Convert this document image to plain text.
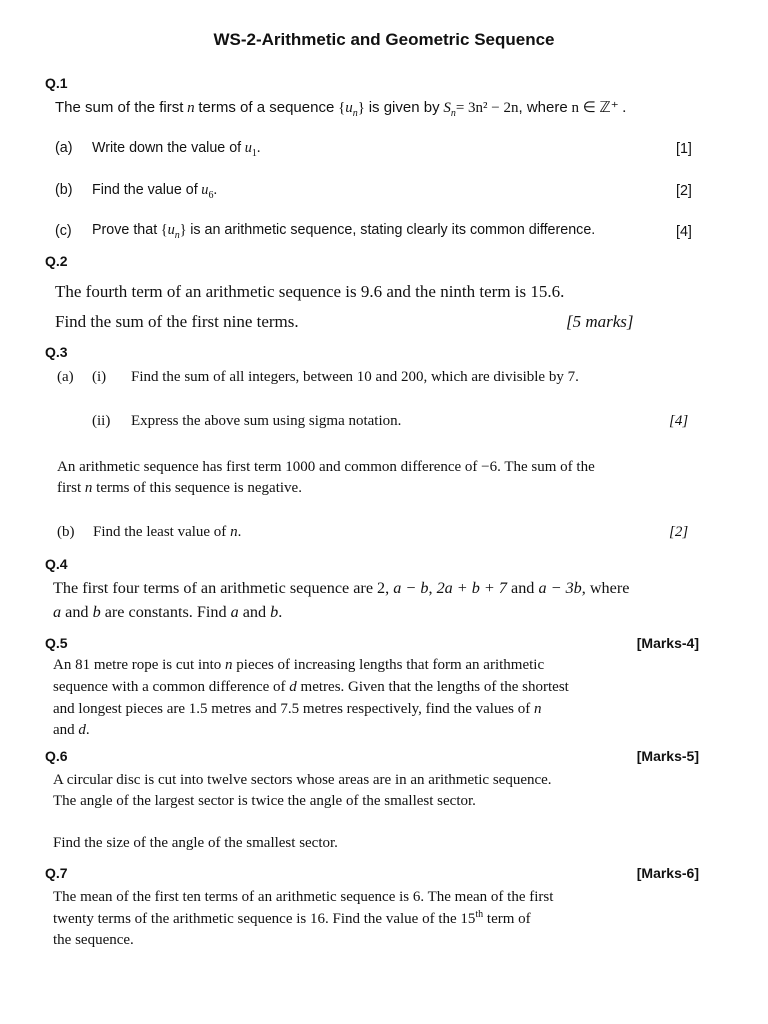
WS-2-Arithmetic and Geometric Sequence
Q.1
The sum of the first n terms of a sequence $\{u_n\}$ is given by $S_n= 3n^2 - 2n$, where n ∈ ℤ⁺ .
(a) Write down the value of $u_1$.	[1]
(b) Find the value of $u_6$.	[2]
(c) Prove that $\{u_n\}$ is an arithmetic sequence, stating clearly its common difference.	[4]
Q.2
The fourth term of an arithmetic sequence is 9.6 and the ninth term is 15.6.
Find the sum of the first nine terms.	[5 marks]
Q.3
(a) (i) Find the sum of all integers, between 10 and 200, which are divisible by 7.
(ii) Express the above sum using sigma notation.	[4]
An arithmetic sequence has first term 1000 and common difference of −6. The sum of the
first n terms of this sequence is negative.
(b) Find the least value of n.	[2]
Q.4
The first four terms of an arithmetic sequence are 2, a − b, 2a + b + 7 and a − 3b, where
a and b are constants. Find a and b.
Q.5	[Marks-4]
An 81 metre rope is cut into n pieces of increasing lengths that form an arithmetic
sequence with a common difference of d metres. Given that the lengths of the shortest
and longest pieces are 1.5 metres and 7.5 metres respectively, find the values of n
and d.
Q.6	[Marks-5]
A circular disc is cut into twelve sectors whose areas are in an arithmetic sequence.
The angle of the largest sector is twice the angle of the smallest sector.
Find the size of the angle of the smallest sector.
Q.7	[Marks-6]
The mean of the first ten terms of an arithmetic sequence is 6. The mean of the first
twenty terms of the arithmetic sequence is 16. Find the value of the 15th term of
the sequence.
